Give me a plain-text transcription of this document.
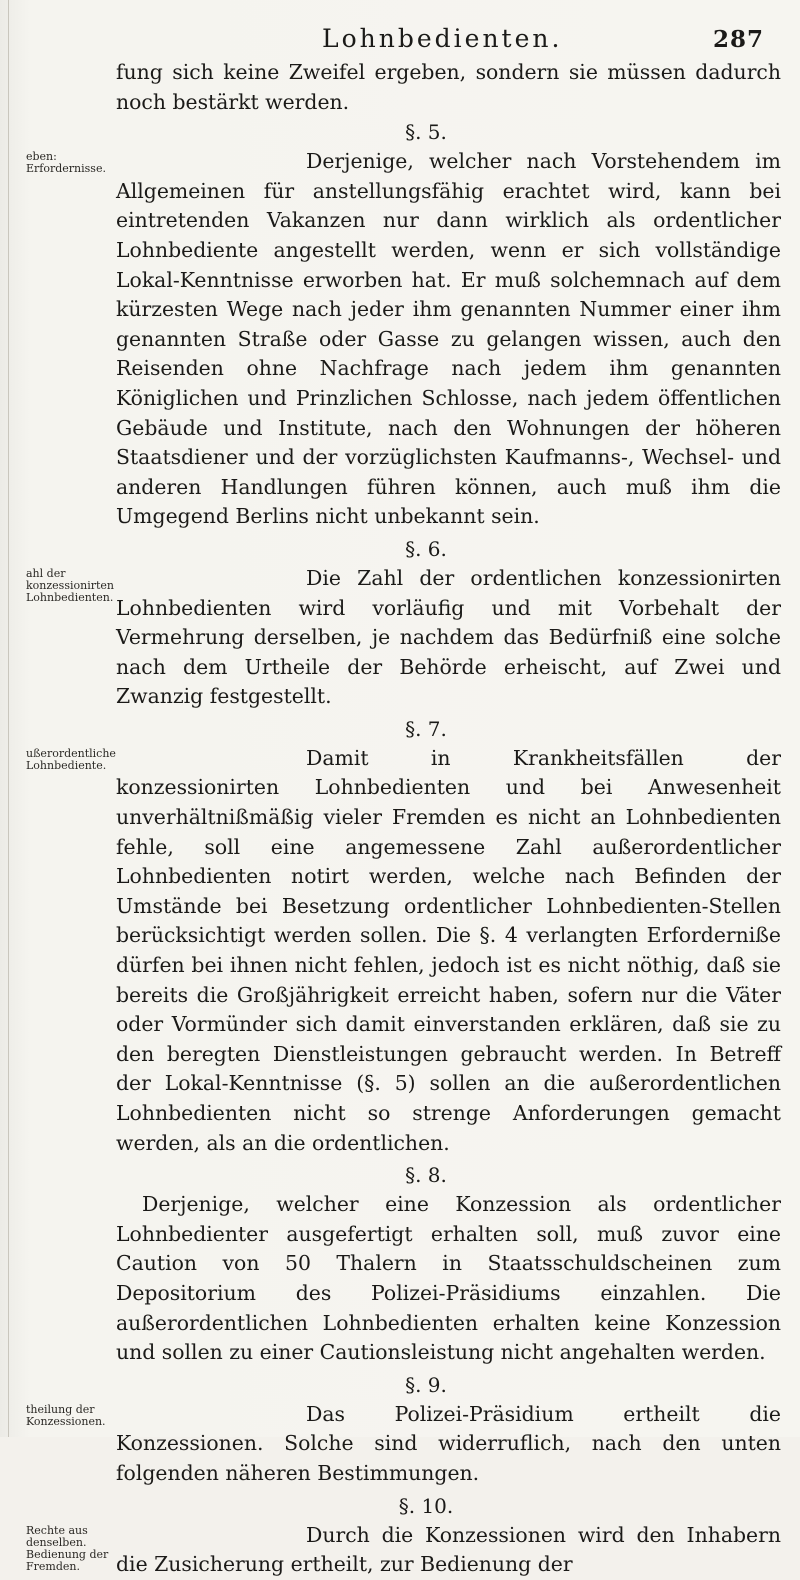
Lohnbedienten.	287
fung sich keine Zweifel ergeben, sondern sie müssen dadurch noch bestärkt werden.
§. 5.
eben: Erfordernisse.	Derjenige, welcher nach Vorstehendem im Allgemeinen für anstellungsfähig erachtet wird, kann bei eintretenden Vakanzen nur dann wirklich als ordentlicher Lohnbediente angestellt werden, wenn er sich vollständige Lokal-Kenntnisse erworben hat. Er muß solchemnach auf dem kürzesten Wege nach jeder ihm genannten Nummer einer ihm genannten Straße oder Gasse zu gelangen wissen, auch den Reisenden ohne Nachfrage nach jedem ihm genannten Königlichen und Prinzlichen Schlosse, nach jedem öffentlichen Gebäude und Institute, nach den Wohnungen der höheren Staatsdiener und der vorzüglichsten Kaufmanns-, Wechsel- und anderen Handlungen führen können, auch muß ihm die Umgegend Berlins nicht unbekannt sein.
§. 6.
ahl der konzessionirten Lohnbedienten.
Die Zahl der ordentlichen konzessionirten Lohnbedienten wird vorläufig und mit Vorbehalt der Vermehrung derselben, je nachdem das Bedürfniß eine solche nach dem Urtheile der Behörde erheischt, auf Zwei und Zwanzig festgestellt.
§. 7.
ußerordentliche Lohnbediente.	Damit in Krankheitsfällen der konzessionirten Lohnbedienten und bei Anwesenheit unverhältnißmäßig vieler Fremden es nicht an Lohnbedienten fehle, soll eine angemessene Zahl außerordentlicher Lohnbedienten notirt werden, welche nach Befinden der Umstände bei Besetzung ordentlicher Lohnbedienten-Stellen berücksichtigt werden sollen. Die §. 4 verlangten Erforderniße dürfen bei ihnen nicht fehlen, jedoch ist es nicht nöthig, daß sie bereits die Großjährigkeit erreicht haben, sofern nur die Väter oder Vormünder sich damit einverstanden erklären, daß sie zu den beregten Dienstleistungen gebraucht werden. In Betreff der Lokal-Kenntnisse (§. 5) sollen an die außerordentlichen Lohnbedienten nicht so strenge Anforderungen gemacht werden, als an die ordentlichen.
§. 8.
Derjenige, welcher eine Konzession als ordentlicher Lohnbedienter ausgefertigt erhalten soll, muß zuvor eine Caution von 50 Thalern in Staatsschuldscheinen zum Depositorium des Polizei-Präsidiums einzahlen. Die außerordentlichen Lohnbedienten erhalten keine Konzession und sollen zu einer Cautionsleistung nicht angehalten werden.
§. 9.
theilung der Konzessionen.	Das Polizei-Präsidium ertheilt die Konzessionen. Solche sind widerruflich, nach den unten folgenden näheren Bestimmungen.
§. 10.
Rechte aus denselben. Bedienung der Fremden.
Durch die Konzessionen wird den Inhabern die Zusicherung ertheilt, zur Bedienung der
